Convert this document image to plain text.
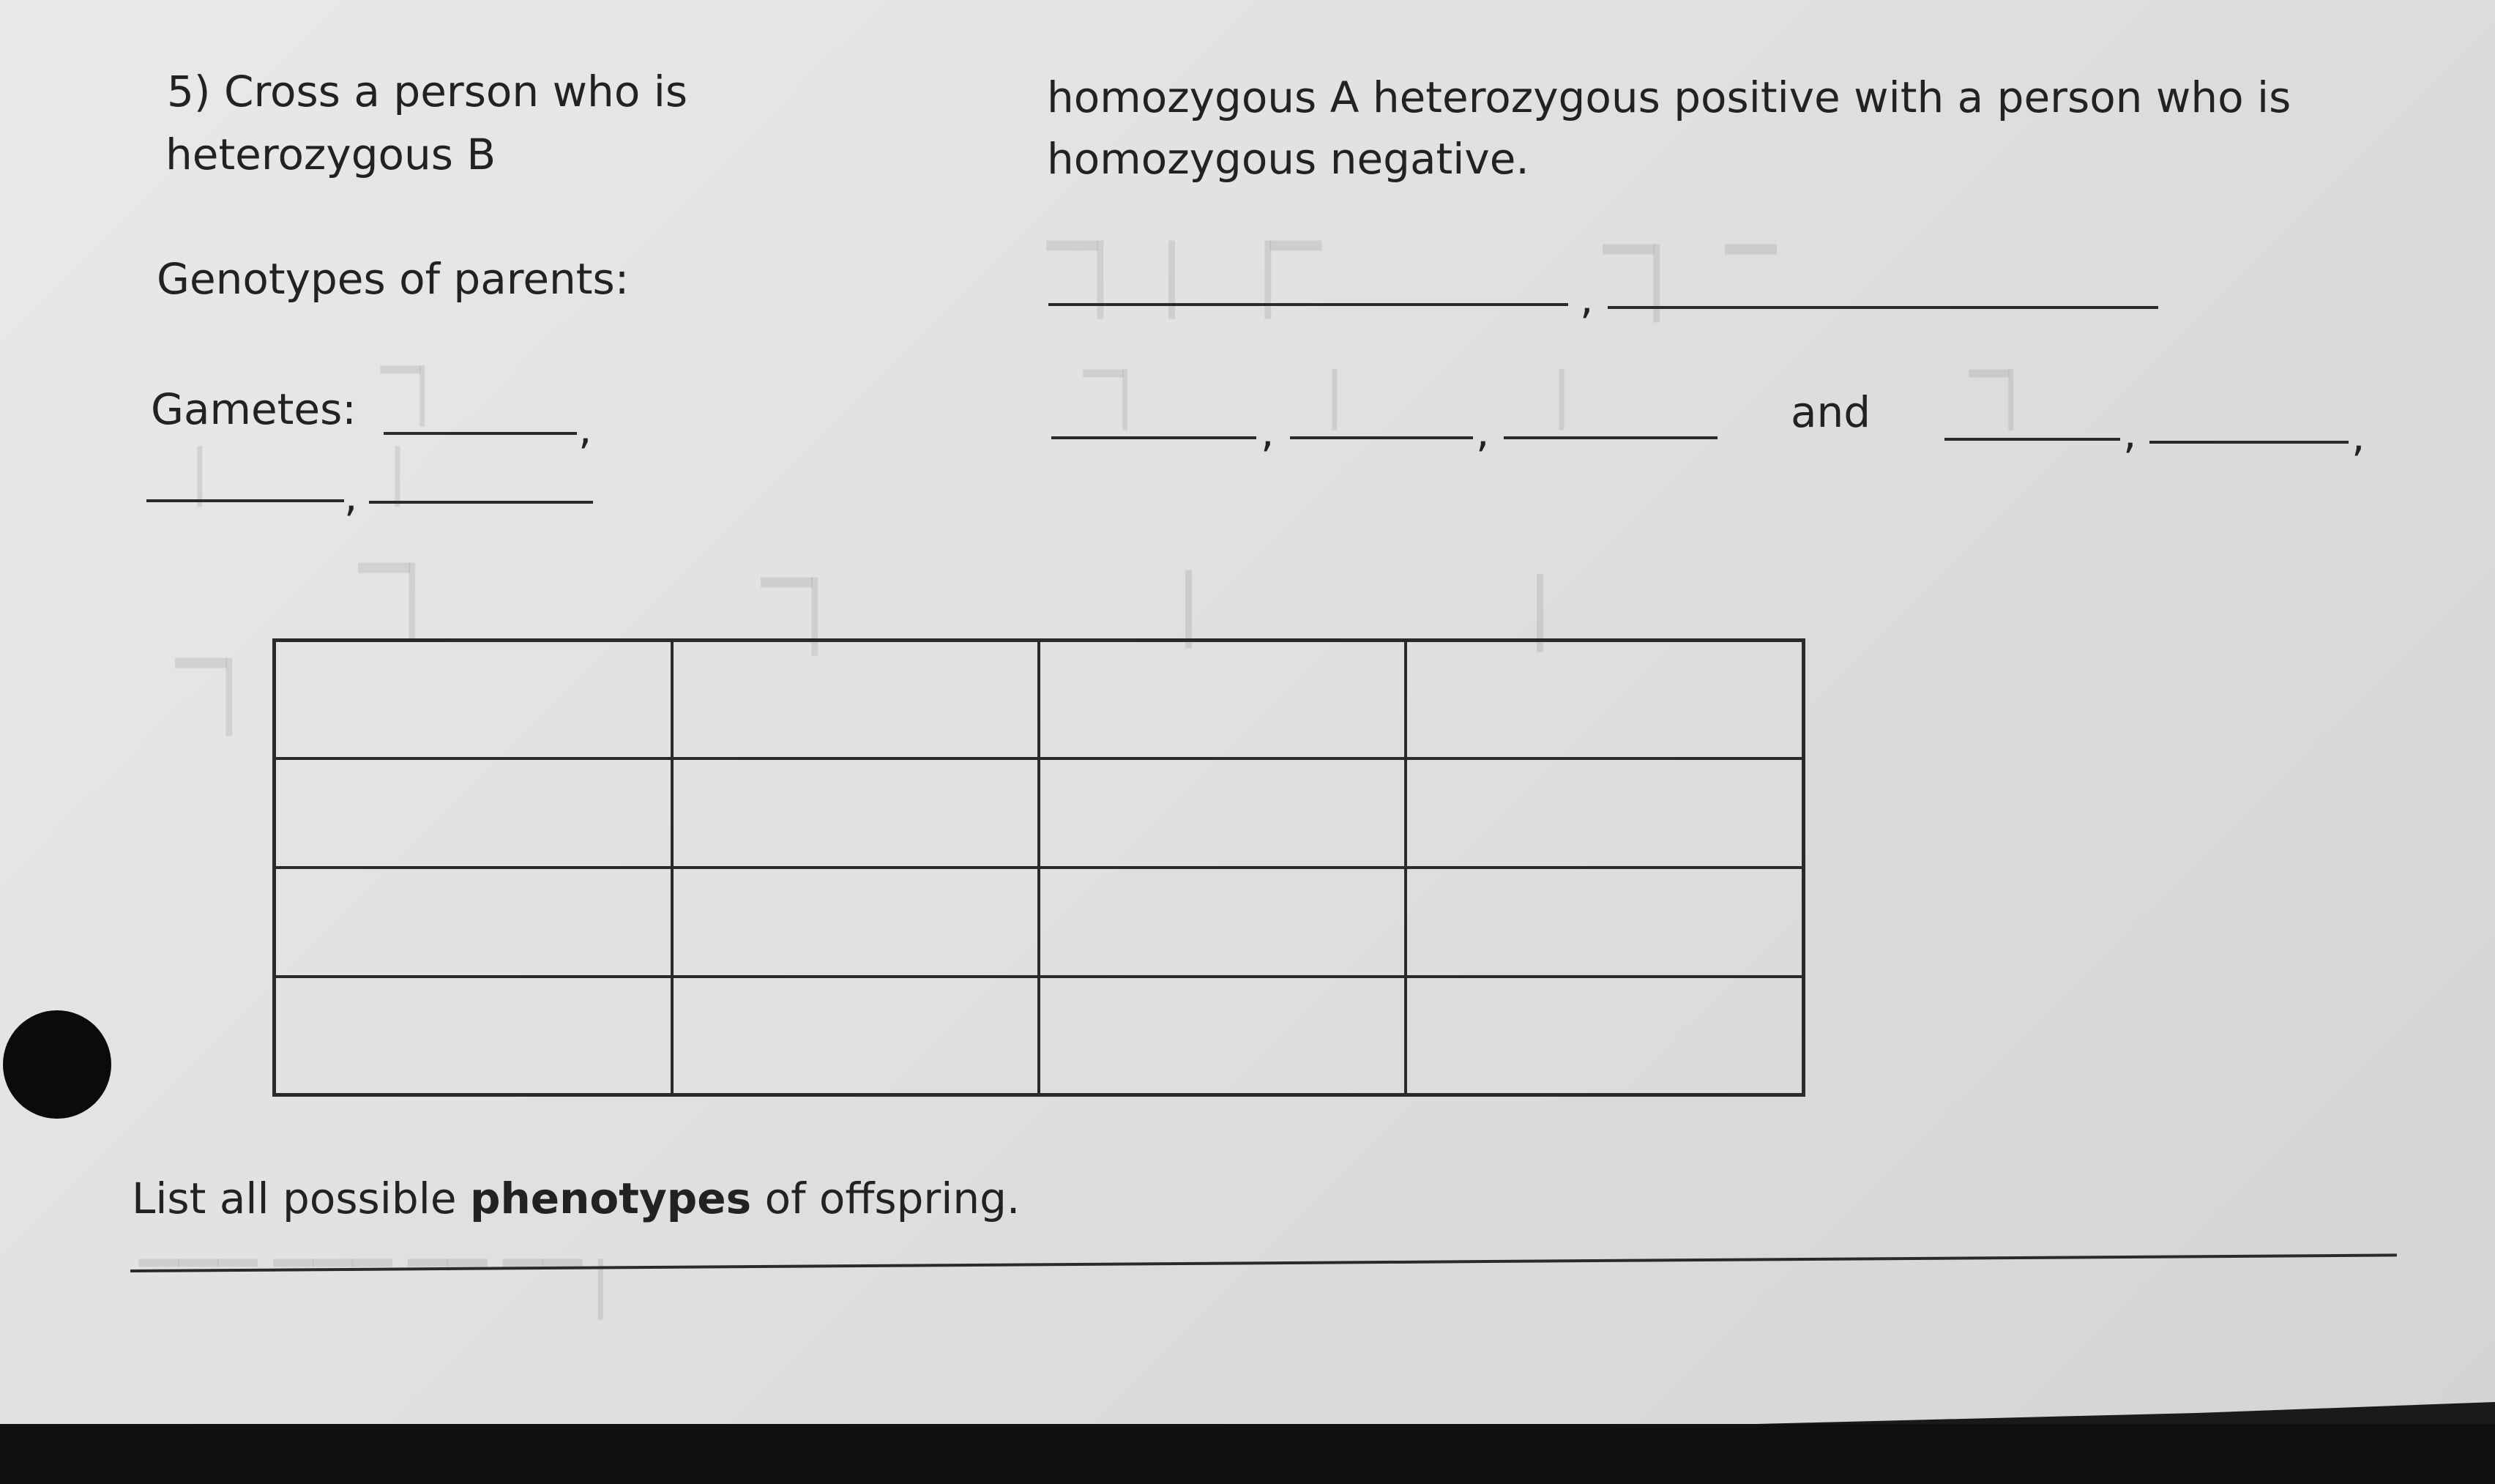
▔▏ ▏▕▔	▔▏ ▔
▔▏	▔▏	▏	▏	▔▏
▏	▏
▔▏	▔▏	▏	▏
▔▏
▔▔▔ ▔▔▔ ▔▔ ▔▔ ▏
5) Cross a person who is
heterozygous B
homozygous A heterozygous positive with a person who is
homozygous negative.
Genotypes of parents:	,
Gametes:	,	,	,	and	,	,
,

List all possible phenotypes of offspring.
